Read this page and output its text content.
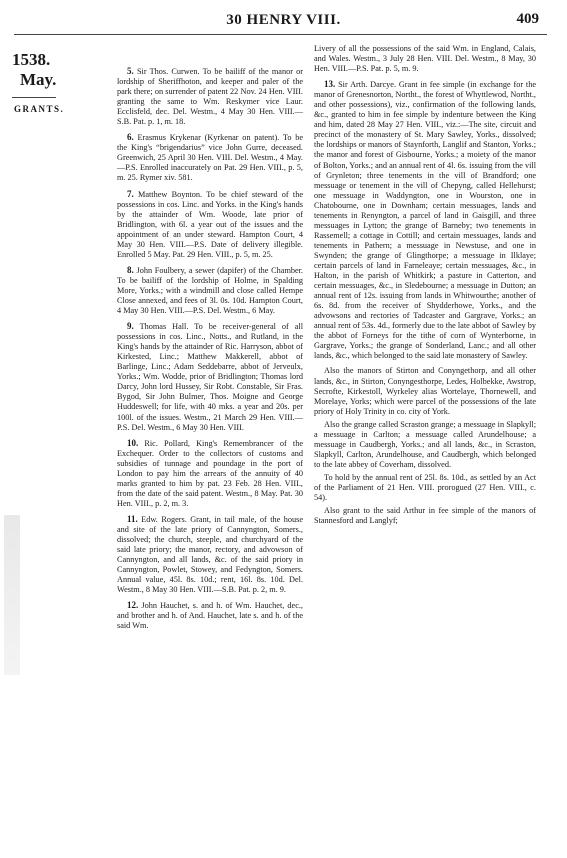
30 HENRY VIII.	409
1538.
May.
GRANTS.

5. Sir Thos. Curwen. To be bailiff of the manor or lordship of Sheriffhoton, and keeper and paler of the park there; on surrender of patent 22 Nov. 24 Hen. VIII. granting the same to Wm. Reskymer vice Laur. Ecclisfeld, dec. Del. Westm., 4 May 30 Hen. VIII.—S.B. Pat. p. 1, m. 18.

6. Erasmus Krykenar (Kyrkenar on patent). To be the King's “brigendarius” vice John Gurre, deceased. Greenwich, 25 April 30 Hen. VIII. Del. Westm., 4 May.—P.S. Enrolled inaccurately on Pat. 29 Hen. VIII., p. 5, m. 25. Rymer xiv. 581.

7. Matthew Boynton. To be chief steward of the possessions in cos. Linc. and Yorks. in the King's hands by the attainder of Wm. Woode, late prior of Bridlington, with 6l. a year out of the issues and the appointment of an under steward. Hampton Court, 4 May 30 Hen. VIII.—P.S. Date of delivery illegible. Enrolled 5 May. Pat. 29 Hen. VIII., p. 5, m. 25.

8. John Foulbery, a sewer (dapifer) of the Chamber. To be bailiff of the lordship of Holme, in Spalding More, Yorks.; with a windmill and close called Hempe Close annexed, and fees of 3l. 0s. 10d. Hampton Court, 4 May 30 Hen. VIII.—P.S. Del. Westm., 6 May.

9. Thomas Hall. To be receiver-general of all possessions in cos. Linc., Notts., and Rutland, in the King's hands by the attainder of Ric. Harryson, abbot of Kirkested, Linc.; Matthew Makkerell, abbot of Barlinge, Linc.; Adam Seddebarre, abbot of Jerveulx, Yorks.; Wm. Wodde, prior of Bridlington; Thomas lord Darcy, John lord Hussey, Sir Robt. Constable, Sir Fras. Bygod, Sir John Bulmer, Thos. Moigne and George Huddeswell; for life, with 40 mks. a year and 20s. per 100l. of the issues. Westm., 21 March 29 Hen. VIII.—P.S. Del. Westm., 6 May 30 Hen. VIII.

10. Ric. Pollard, King's Remembrancer of the Exchequer. Order to the collectors of customs and subsidies of tunnage and poundage in the port of London to pay him the arrears of the annuity of 40 marks granted to him by pat. 23 Feb. 28 Hen. VIII., from the date of the said patent. Westm., 8 May. Pat. 30 Hen. VIII., p. 2, m. 3.

11. Edw. Rogers. Grant, in tail male, of the house and site of the late priory of Cannyngton, Somers., dissolved; the church, steeple, and churchyard of the said late priory; the manor, rectory, and advowson of Cannyngton, and all lands, &c. of the said priory in Cannyngton, Powlet, Stowey, and Fedyngton, Somers. Annual value, 45l. 8s. 10d.; rent, 16l. 8s. 10d. Del. Westm., 8 May 30 Hen. VIII.—S.B. Pat. p. 2, m. 9.

12. John Hauchet, s. and h. of Wm. Hauchet, dec., and brother and h. of And. Hauchet, late s. and h. of the said Wm.

Livery of all the possessions of the said Wm. in England, Calais, and Wales. Westm., 3 July 28 Hen. VIII. Del. Westm., 8 May, 30 Hen. VIII.—P.S. Pat. p. 5, m. 9.

13. Sir Arth. Darcye. Grant in fee simple (in exchange for the manor of Grenesnorton, Northt., the forest of Whyttlewod, Northt., and other possessions), viz., confirmation of the following lands, &c., granted to him in fee simple by indenture between the King and him, dated 28 May 27 Hen. VIII., viz.:—The site, circuit and precinct of the monastery of St. Mary Sawley, Yorks., dissolved; the lordships or manors of Staynforth, Langlif and Stanton, Yorks.; the manor and forest of Gisbourne, Yorks.; a moiety of the manor of Bolton, Yorks.; and an annual rent of 4l. 6s. issuing from the vill of Grynleton; three tenements in the vill of Brandford; one messuage or tenement in the vill of Chepyng, called Hellehurst; one messuage in Waddyngton, one in Wourston, one in Chatobourne, one in Downham; certain messuages, lands and tenements in Renyngton, a parcel of land in Gaisgill, and three messuages in Lytton; the grange of Barneby; two tenements in Rassemell; a cottage in Cottill; and certain messuages, lands and tenements in Pathern; a messuage in Newstuse, and one in Swynden; the grange of Glingthorpe; a messuage in Ilklaye; certain parcels of land in Farneleaye; certain messuages, &c., in Halton, in the parish of Whitkirk; a pasture in Catterton, and certain messuages, &c., in Sledebourne; a messuage in Dutton; an annual rent of 12s. issuing from lands in Whitwourthe; another of 6s. 8d. from the receiver of Shydderhowe, Yorks., and the advowsons and rectories of Tadcaster and Gargrave, Yorks.; an annual rent of 53s. 4d., formerly due to the late abbot of Sawley by the abbot of Forneys for the tithe of corn of Wynterborne, in Gargrave, Yorks.; the grange of Sonderland, Lanc.; and all other lands, &c., which belonged to the said late monastery of Sawley.

Also the manors of Stirton and Conyngethorp, and all other lands, &c., in Stirton, Conyngesthorpe, Ledes, Holbekke, Awstrop, Secrofte, Kirkestoll, Wyrkeley alias Wortelaye, Thornewell, and Morelaye, Yorks; which were parcel of the possessions of the late priory of Holy Trinity in co. city of York.

Also the grange called Scraston grange; a messuage in Slapkyll; a messuage in Carlton; a messuage called Arundelhouse; a messuage in Caudbergh, Yorks.; and all lands, &c., in Scraston, Slapkyll, Carlton, Arundelhouse, and Caudbergh, which belonged to the late abbey of Coverham, dissolved.

To hold by the annual rent of 25l. 8s. 10d., as settled by an Act of the Parliament of 21 Hen. VIII. prorogued (27 Hen. VIII., c. 54).

Also grant to the said Arthur in fee simple of the manors of Stannesford and Langlyf;
